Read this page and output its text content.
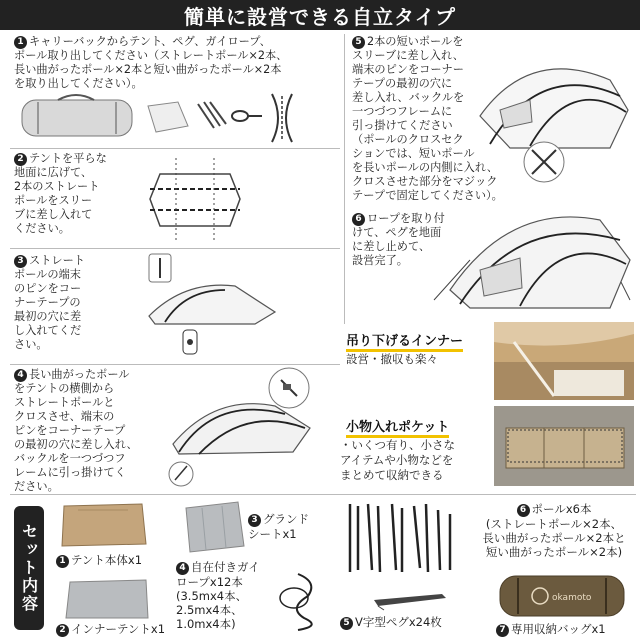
簡単に設営できる自立タイプ
1 キャリーバックからテント、ペグ、ガイロープ、
ポール取り出してください（ストレートポール×2本、
長い曲がったポール×2本と短い曲がったポール×2本
を取り出してください）。
2 テントを平らな
地面に広げて、
2本のストレート
ポールをスリー
ブに差し入れて
ください。
3 ストレート
ポールの端末
のピンをコー
ナーテープの
最初の穴に差
し入れてくだ
さい。
4 長い曲がったポール
をテントの横側から
ストレートポールと
クロスさせ、端末の
ピンをコーナーテープ
の最初の穴に差し入れ、
バックルを一つづつフ
レームに引っ掛けてく
ださい。
5 2本の短いポールを
スリーブに差し入れ、
端末のピンをコーナー
テープの最初の穴に
差し入れ、バックルを
一つづつフレームに
引っ掛けてください
（ポールのクロスセク
ションでは、短いポール
を長いポールの内側に入れ、
クロスさせた部分をマジック
テープで固定してください）。
6 ロープを取り付
けて、ペグを地面
に差し止めて、
設営完了。
吊り下げるインナー
設営・撤収も楽々
小物入れポケット
・いくつ有り、小さな
アイテムや小物などを
まとめて収納できる
セット内容	1 テント本体x1
2 インナーテントx1
3 グランド
シートx1
4 自在付きガイ
ロープx12本
(3.5mx4本、
2.5mx4本、
1.0mx4本)	5 V字型ペグx24枚
6 ポールx6本
(ストレートポール×2本、
長い曲がったポール×2本と
短い曲がったポール×2本)
okamoto
7 専用収納バッグx1
